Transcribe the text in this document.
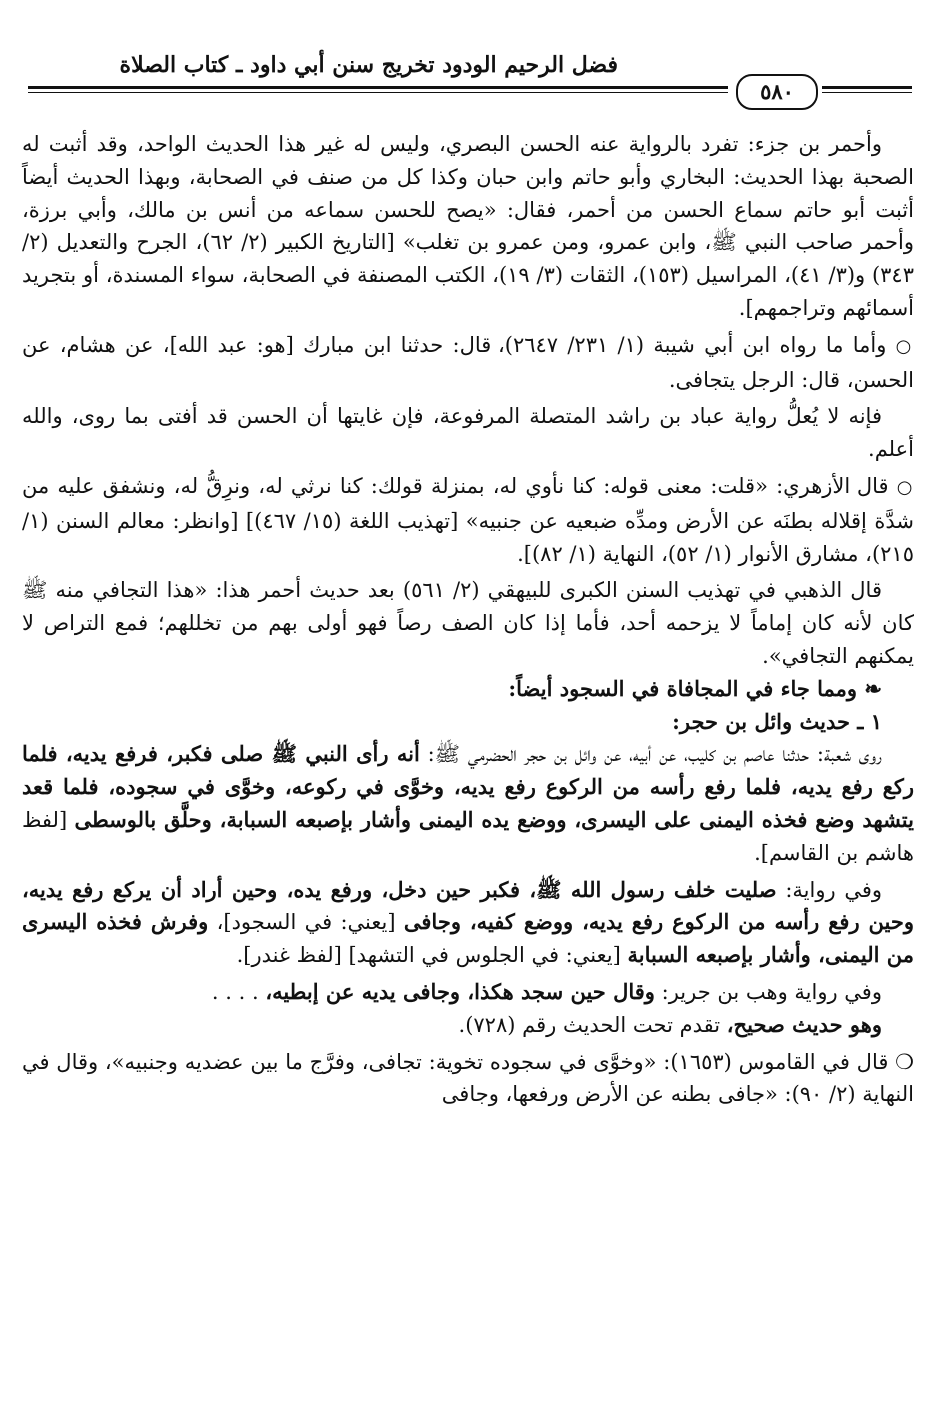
فضل الرحيم الودود تخريج سنن أبي داود ـ كتاب الصلاة
٥٨٠

وأحمر بن جزء: تفرد بالرواية عنه الحسن البصري، وليس له غير هذا الحديث الواحد، وقد أثبت له الصحبة بهذا الحديث: البخاري وأبو حاتم وابن حبان وكذا كل من صنف في الصحابة، وبهذا الحديث أيضاً أثبت أبو حاتم سماع الحسن من أحمر، فقال: «يصح للحسن سماعه من أنس بن مالك، وأبي برزة، وأحمر صاحب النبي ﷺ، وابن عمرو، ومن عمرو بن تغلب» [التاريخ الكبير (٢/ ٦٢)، الجرح والتعديل (٢/ ٣٤٣) و(٣/ ٤١)، المراسيل (١٥٣)، الثقات (٣/ ١٩)، الكتب المصنفة في الصحابة، سواء المسندة، أو بتجريد أسمائهم وتراجمهم].

○ وأما ما رواه ابن أبي شيبة (١/ ٢٣١/ ٢٦٤٧)، قال: حدثنا ابن مبارك [هو: عبد الله]، عن هشام، عن الحسن، قال: الرجل يتجافى.

فإنه لا يُعلُّ رواية عباد بن راشد المتصلة المرفوعة، فإن غايتها أن الحسن قد أفتى بما روى، والله أعلم.

○ قال الأزهري: «قلت: معنى قوله: كنا نأوي له، بمنزلة قولك: كنا نرثي له، ونرِقُّ له، ونشفق عليه من شدَّة إقلاله بطنَه عن الأرض ومدِّه ضبعيه عن جنبيه» [تهذيب اللغة (١٥/ ٤٦٧)] [وانظر: معالم السنن (١/ ٢١٥)، مشارق الأنوار (١/ ٥٢)، النهاية (١/ ٨٢)].

قال الذهبي في تهذيب السنن الكبرى للبيهقي (٢/ ٥٦١) بعد حديث أحمر هذا: «هذا التجافي منه ﷺ كان لأنه كان إماماً لا يزحمه أحد، فأما إذا كان الصف رصاً فهو أولى بهم من تخللهم؛ فمع التراص لا يمكنهم التجافي».

❧ ومما جاء في المجافاة في السجود أيضاً:

١ ـ حديث وائل بن حجر:

روى شعبة: حدثنا عاصم بن كليب، عن أبيه، عن وائل بن حجر الحضرمي ﷺ: أنه رأى النبي ﷺ صلى فكبر، فرفع يديه، فلما ركع رفع يديه، فلما رفع رأسه من الركوع رفع يديه، وخوَّى في ركوعه، وخوَّى في سجوده، فلما قعد يتشهد وضع فخذه اليمنى على اليسرى، ووضع يده اليمنى وأشار بإصبعه السبابة، وحلَّق بالوسطى [لفظ هاشم بن القاسم].

وفي رواية: صليت خلف رسول الله ﷺ، فكبر حين دخل، ورفع يده، وحين أراد أن يركع رفع يديه، وحين رفع رأسه من الركوع رفع يديه، ووضع كفيه، وجافى [يعني: في السجود]، وفرش فخذه اليسرى من اليمنى، وأشار بإصبعه السبابة [يعني: في الجلوس في التشهد] [لفظ غندر].

وفي رواية وهب بن جرير: وقال حين سجد هكذا، وجافى يديه عن إبطيه، . . . .
وهو حديث صحيح، تقدم تحت الحديث رقم (٧٢٨).

❍ قال في القاموس (١٦٥٣): «وخوَّى في سجوده تخوية: تجافى، وفرَّج ما بين عضديه وجنبيه»، وقال في النهاية (٢/ ٩٠): «جافى بطنه عن الأرض ورفعها، وجافى
